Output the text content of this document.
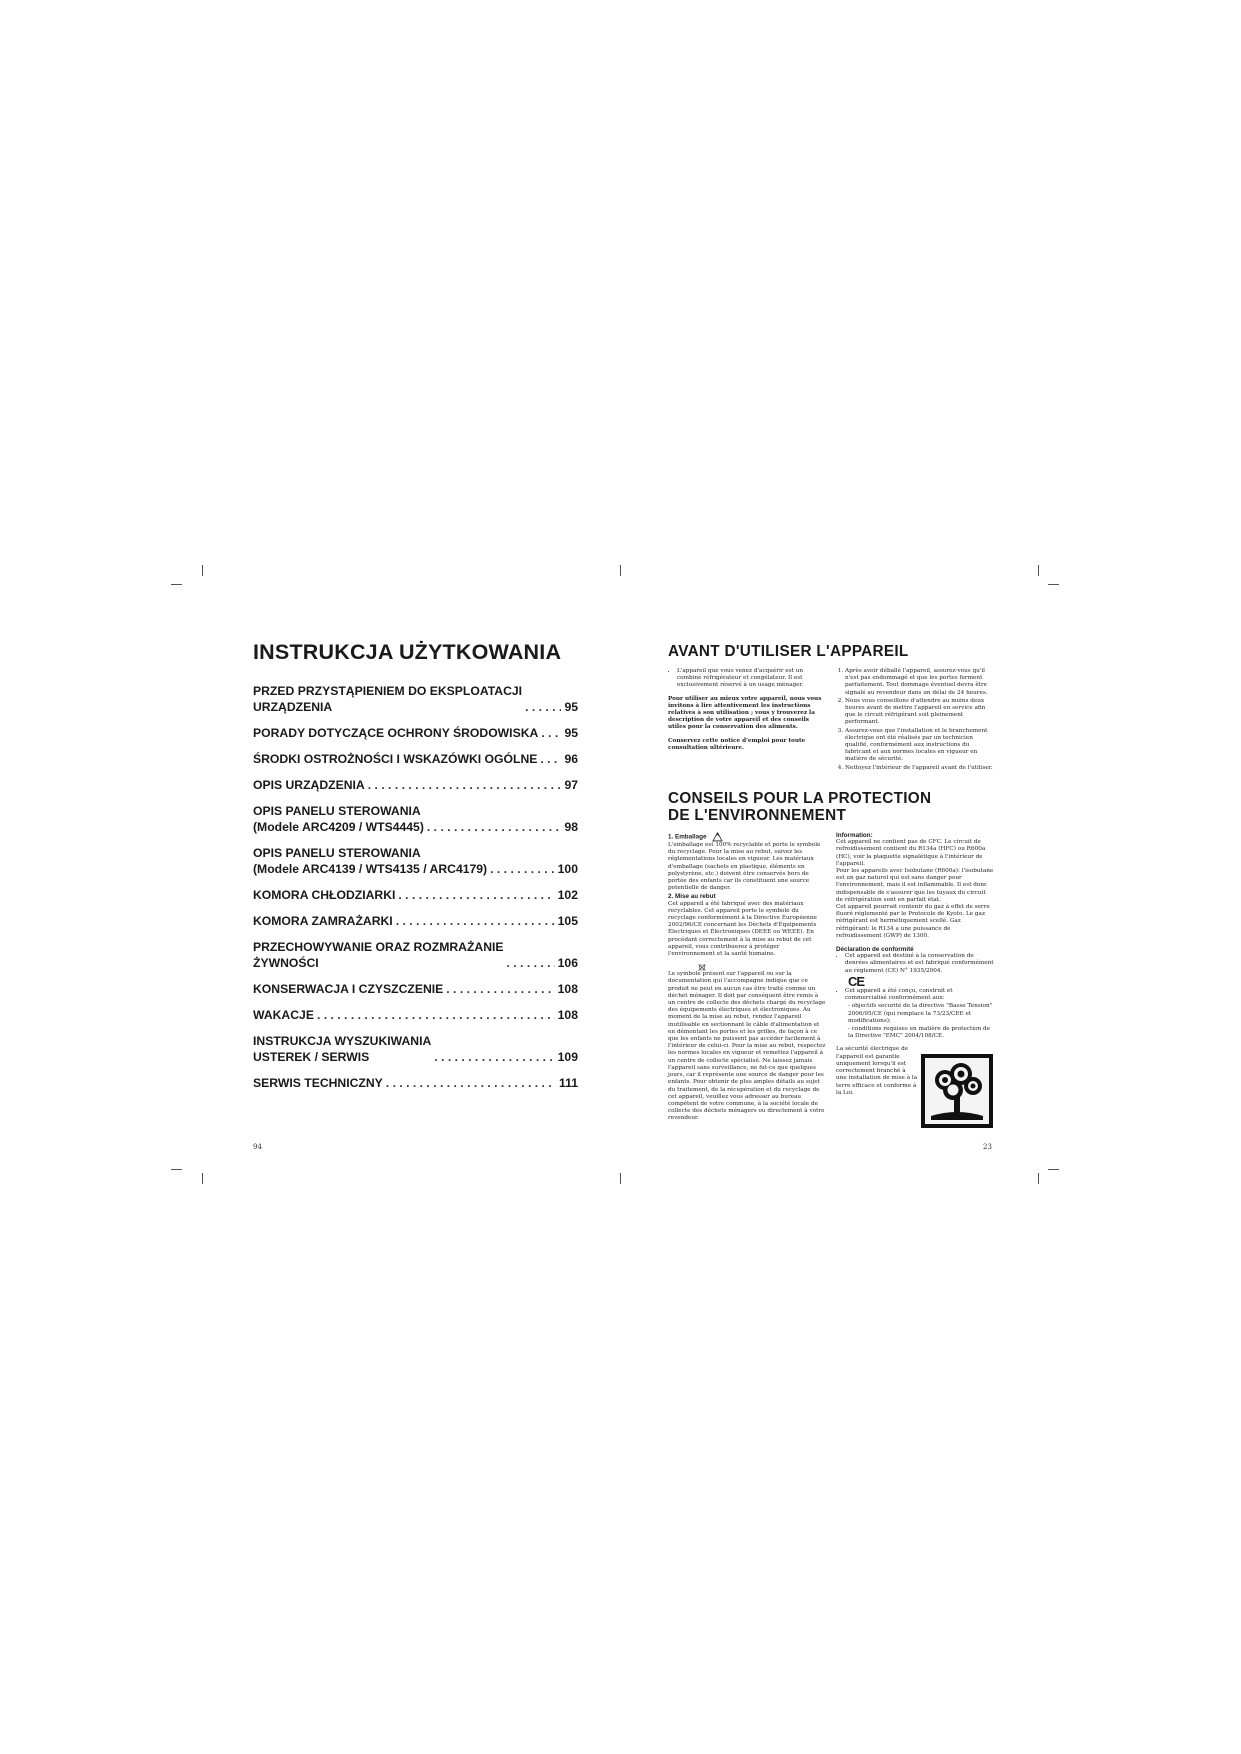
INSTRUKCJA UŻYTKOWANIA
PRZED PRZYSTĄPIENIEM DO EKSPLOATACJI
URZĄDZENIA . . .	95
PORADY DOTYCZĄCE OCHRONY ŚRODOWISKA . . . 95
ŚRODKI OSTROŻNOŚCI I WSKAZÓWKI OGÓLNE . . . 96
OPIS URZĄDZENIA . . .	97
OPIS PANELU STEROWANIA
(Modele ARC4209 / WTS4445) . . .	98
OPIS PANELU STEROWANIA
(Modele ARC4139 / WTS4135 / ARC4179) . . .	100
KOMORA CHŁODZIARKI . . .	102
KOMORA ZAMRAŻARKI . . .	105
PRZECHOWYWANIE ORAZ ROZMRAŻANIE
ŻYWNOŚCI . . .	106
KONSERWACJA I CZYSZCZENIE . . .	108
WAKACJE . . .	108
INSTRUKCJA WYSZUKIWANIA
USTEREK / SERWIS . . .	109
SERWIS TECHNICZNY . . .	111
94
AVANT D'UTILISER L'APPAREIL
• L'appareil que vous venez d'acquérir est un combiné réfrigérateur et congélateur. Il est exclusivement réservé à un usage ménager.

Pour utiliser au mieux votre appareil, nous vous invitons à lire attentivement les instructions relatives à son utilisation ; vous y trouverez la description de votre appareil et des conseils utiles pour la conservation des aliments.

Conservez cette notice d'emploi pour toute consultation ultérieure.

1. Après avoir déballé l'appareil, assurez-vous qu'il n'est pas endommagé et que les portes ferment parfaitement. Tout dommage éventuel devra être signalé au revendeur dans un délai de 24 heures.
2. Nous vous conseillons d'attendre au moins deux heures avant de mettre l'appareil en service afin que le circuit réfrigérant soit pleinement performant.
3. Assurez-vous que l'installation et le branchement électrique ont été réalisés par un technicien qualifié, conformément aux instructions du fabricant et aux normes locales en vigueur en matière de sécurité.
4. Nettoyez l'intérieur de l'appareil avant de l'utiliser.
CONSEILS POUR LA PROTECTION
DE L'ENVIRONNEMENT
1. Emballage

L'emballage est 100% recyclable et porte le symbole du recyclage. Pour la mise au rebut, suivez les réglementations locales en vigueur. Les matériaux d'emballage (sachets en plastique, éléments en polystyrène, etc.) doivent être conservés hors de portée des enfants car ils constituent une source potentielle de danger.

2. Mise au rebut

Cet appareil a été fabriqué avec des matériaux recyclables. Cet appareil porte le symbole du recyclage conformément à la Directive Européenne 2002/96/CE concernant les Déchets d'Équipements Électriques et Électroniques (DEEE ou WEEE). En procédant correctement à la mise au rebut de cet appareil, vous contribuerez à protéger l'environnement et la santé humaine.

Le symbole présent sur l'appareil ou sur la documentation qui l'accompagne indique que ce produit ne peut en aucun cas être traité comme un déchet ménager. Il doit par conséquent être remis à un centre de collecte des déchets chargé du recyclage des équipements électriques et électroniques. Au moment de la mise au rebut, rendez l'appareil inutilisable en sectionnant le câble d'alimentation et en démontant les portes et les grilles, de façon à ce que les enfants ne puissent pas accéder facilement à l'intérieur de celui-ci. Pour la mise au rebut, respectez les normes locales en vigueur et remettez l'appareil à un centre de collecte spécialisé. Ne laissez jamais l'appareil sans surveillance, ne fut-ce que quelques jours, car il représente une source de danger pour les enfants. Pour obtenir de plus amples détails au sujet du traitement, de la récupération et du recyclage de cet appareil, veuillez vous adresser au bureau compétent de votre commune, à la société locale de collecte des déchets ménagers ou directement à votre revendeur.

Information:

Cet appareil ne contient pas de CFC. Le circuit de refroidissement contient du R134a (HFC) ou R600a (HC), voir la plaquette signalétique à l'intérieur de l'appareil.

Pour les appareils avec Isobutane (R600a): l'isobutane est un gaz naturel qui est sans danger pour l'environnement, mais il est inflammable. Il est donc indispensable de s'assurer que les tuyaux du circuit de réfrigération sont en parfait état.

Cet appareil pourrait contenir du gaz à effet de serre fluoré réglementé par le Protocole de Kyoto. Le gaz réfrigérant est hermétiquement scellé. Gaz réfrigérant: le R134 a une puissance de refroidissement (GWP) de 1300.

Déclaration de conformité
• Cet appareil est destiné à la conservation de denrées alimentaires et est fabriqué conformément au règlement (CE) N° 1935/2004.
CE
• Cet appareil a été conçu, construit et commercialisé conformément aux:
- objectifs securité de la directive "Basse Tension" 2006/95/CE (qui remplace la 73/23/CEE et modifications);
- conditions requises en matière de protection de la Directive "EMC" 2004/108/CE.

La sécurité électrique de l'appareil est garantie uniquement lorsqu'il est correctement branché à une installation de mise à la terre efficace et conforme à la Loi.

23
